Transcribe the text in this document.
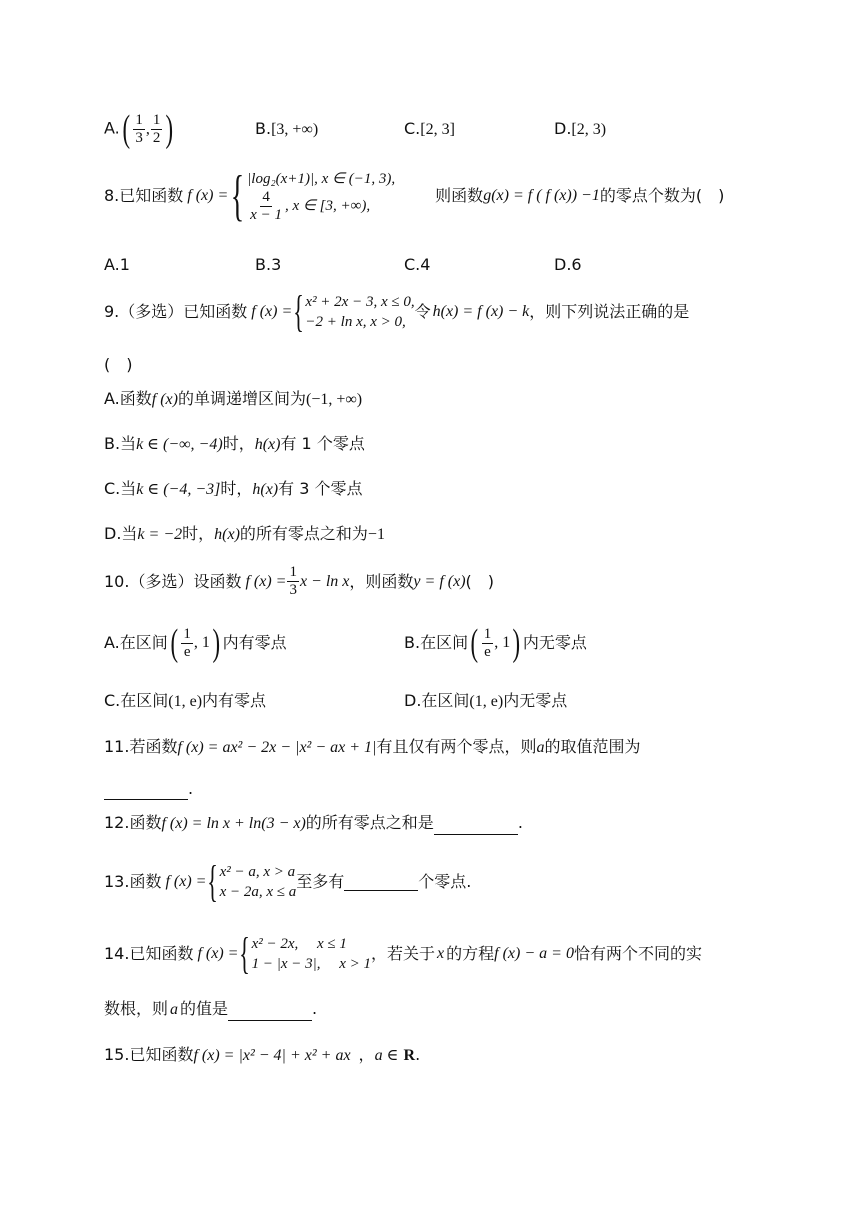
$A.( \frac{1}{3}$ , $\frac{1}{2}$ )	B.[3, +∞)	C.[2, 3]	D.[2, 3)
8.已知函数 f (x) = { |log₂(x+1)|, x ∈ (−1, 3),
$\frac{4}{x - 1}$ , x ∈ [3, +∞),
则函数 g(x) = f ( f (x)) −1 的零点个数为(　)
A.1	B.3	C.4	D.6
9.（多选）已知函数 f (x) = { x² + 2x − 3, x ≤ 0,
−2 + ln x, x > 0,
令 h(x) = f (x) − k ，则下列说法正确的是
(　)
A.函数f (x)的单调递增区间为(−1, +∞)
B.当k ∈ (−∞, −4)时，h(x)有 1 个零点
C.当k ∈ (−4, −3]时，h(x)有 3 个零点
D.当k = −2时，h(x)的所有零点之和为−1
10.（多选）设函数 f $(x) = \frac{1}{3}$ x − ln x ，则函数 y = f (x) (　)
A.在区间 ( $\frac{1}{e}$ , 1 ) 内有零点	B.在区间 ( $\frac{1}{e}$ , 1 ) 内无零点
C.在区间(1, e)内有零点	D.在区间(1, e)内无零点
11.若函数f (x) = ax² − 2x − |x² − ax + 1|有且仅有两个零点，则a的取值范围为
.
12.函数f (x) = ln x + ln(3 − x)的所有零点之和是	.
13.函数 f (x) = { x² − a, x > a
x − 2a, x ≤ a
至多有	个零点.
14.已知函数 f (x) = { x² − 2x,　 x ≤ 1
1 − |x − 3|,　 x > 1
，若关于 x 的方程 f (x) − a = 0 恰有两个不同的实
数根，则 a 的值是	.
15.已知函数f (x) = |x² − 4| + x² + ax ，a ∈ R.
